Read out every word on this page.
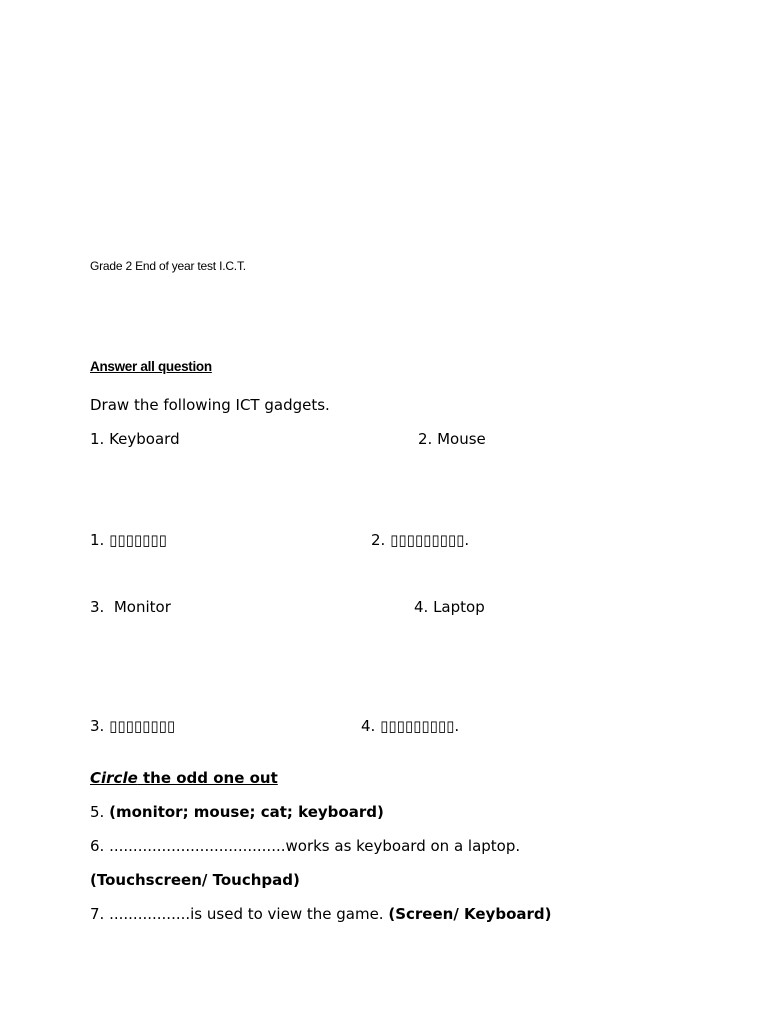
Grade 2 End of year test I.C.T.
Answer all question
Draw the following ICT gadgets.
1. Keyboard	2. Mouse
1. ▯▯▯▯▯▯▯	2. ▯▯▯▯▯▯▯▯▯.
3.  Monitor	4. Laptop
3. ▯▯▯▯▯▯▯▯	4. ▯▯▯▯▯▯▯▯▯.
Circle the odd one out
5. (monitor; mouse; cat; keyboard)
6. .....................................works as keyboard on a laptop.
(Touchscreen/ Touchpad)
7. .................is used to view the game. (Screen/ Keyboard)
